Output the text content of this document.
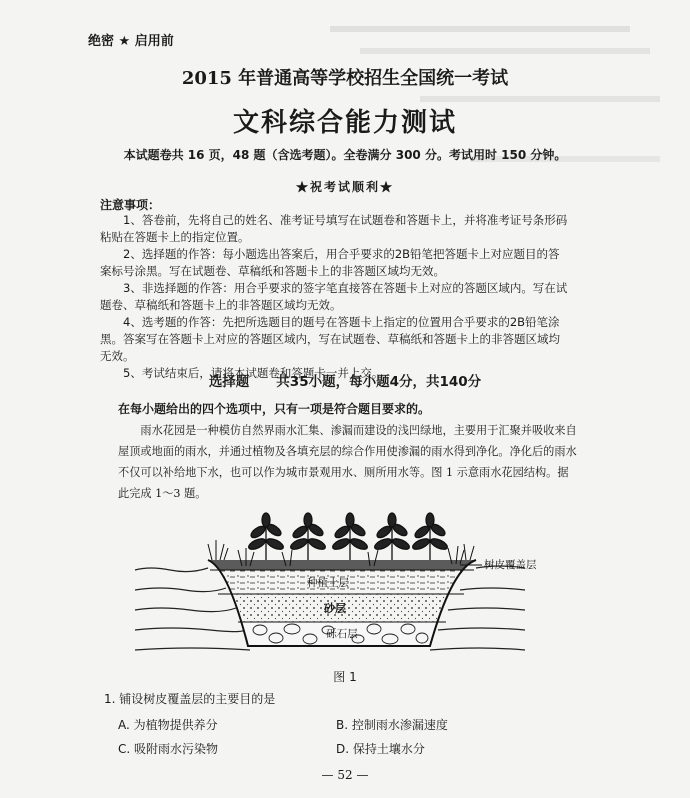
绝密 ★ 启用前
2015 年普通高等学校招生全国统一考试
文科综合能力测试
本试题卷共 16 页，48 题（含选考题）。全卷满分 300 分。考试用时 150 分钟。
★祝考试顺利★
注意事项：

1、答卷前，先将自己的姓名、准考证号填写在试题卷和答题卡上，并将准考证号条形码粘贴在答题卡上的指定位置。

2、选择题的作答：每小题选出答案后，用合乎要求的2B铅笔把答题卡上对应题目的答案标号涂黑。写在试题卷、草稿纸和答题卡上的非答题区域均无效。

3、非选择题的作答：用合乎要求的签字笔直接答在答题卡上对应的答题区域内。写在试题卷、草稿纸和答题卡上的非答题区域均无效。

4、选考题的作答：先把所选题目的题号在答题卡上指定的位置用合乎要求的2B铅笔涂黑。答案写在答题卡上对应的答题区域内，写在试题卷、草稿纸和答题卡上的非答题区域均无效。

5、考试结束后，请将本试题卷和答题卡一并上交。

选择题　　共35小题，每小题4分，共140分
在每小题给出的四个选项中，只有一项是符合题目要求的。

雨水花园是一种模仿自然界雨水汇集、渗漏而建设的浅凹绿地，主要用于汇聚并吸收来自屋顶或地面的雨水，并通过植物及各填充层的综合作用使渗漏的雨水得到净化。净化后的雨水不仅可以补给地下水，也可以作为城市景观用水、厕所用水等。图 1 示意雨水花园结构。据此完成 1～3 题。

树皮覆盖层
种植土层
砂层
砾石层
图 1
1. 铺设树皮覆盖层的主要目的是
A. 为植物提供养分	B. 控制雨水渗漏速度
C. 吸附雨水污染物	D. 保持土壤水分
— 52 —
